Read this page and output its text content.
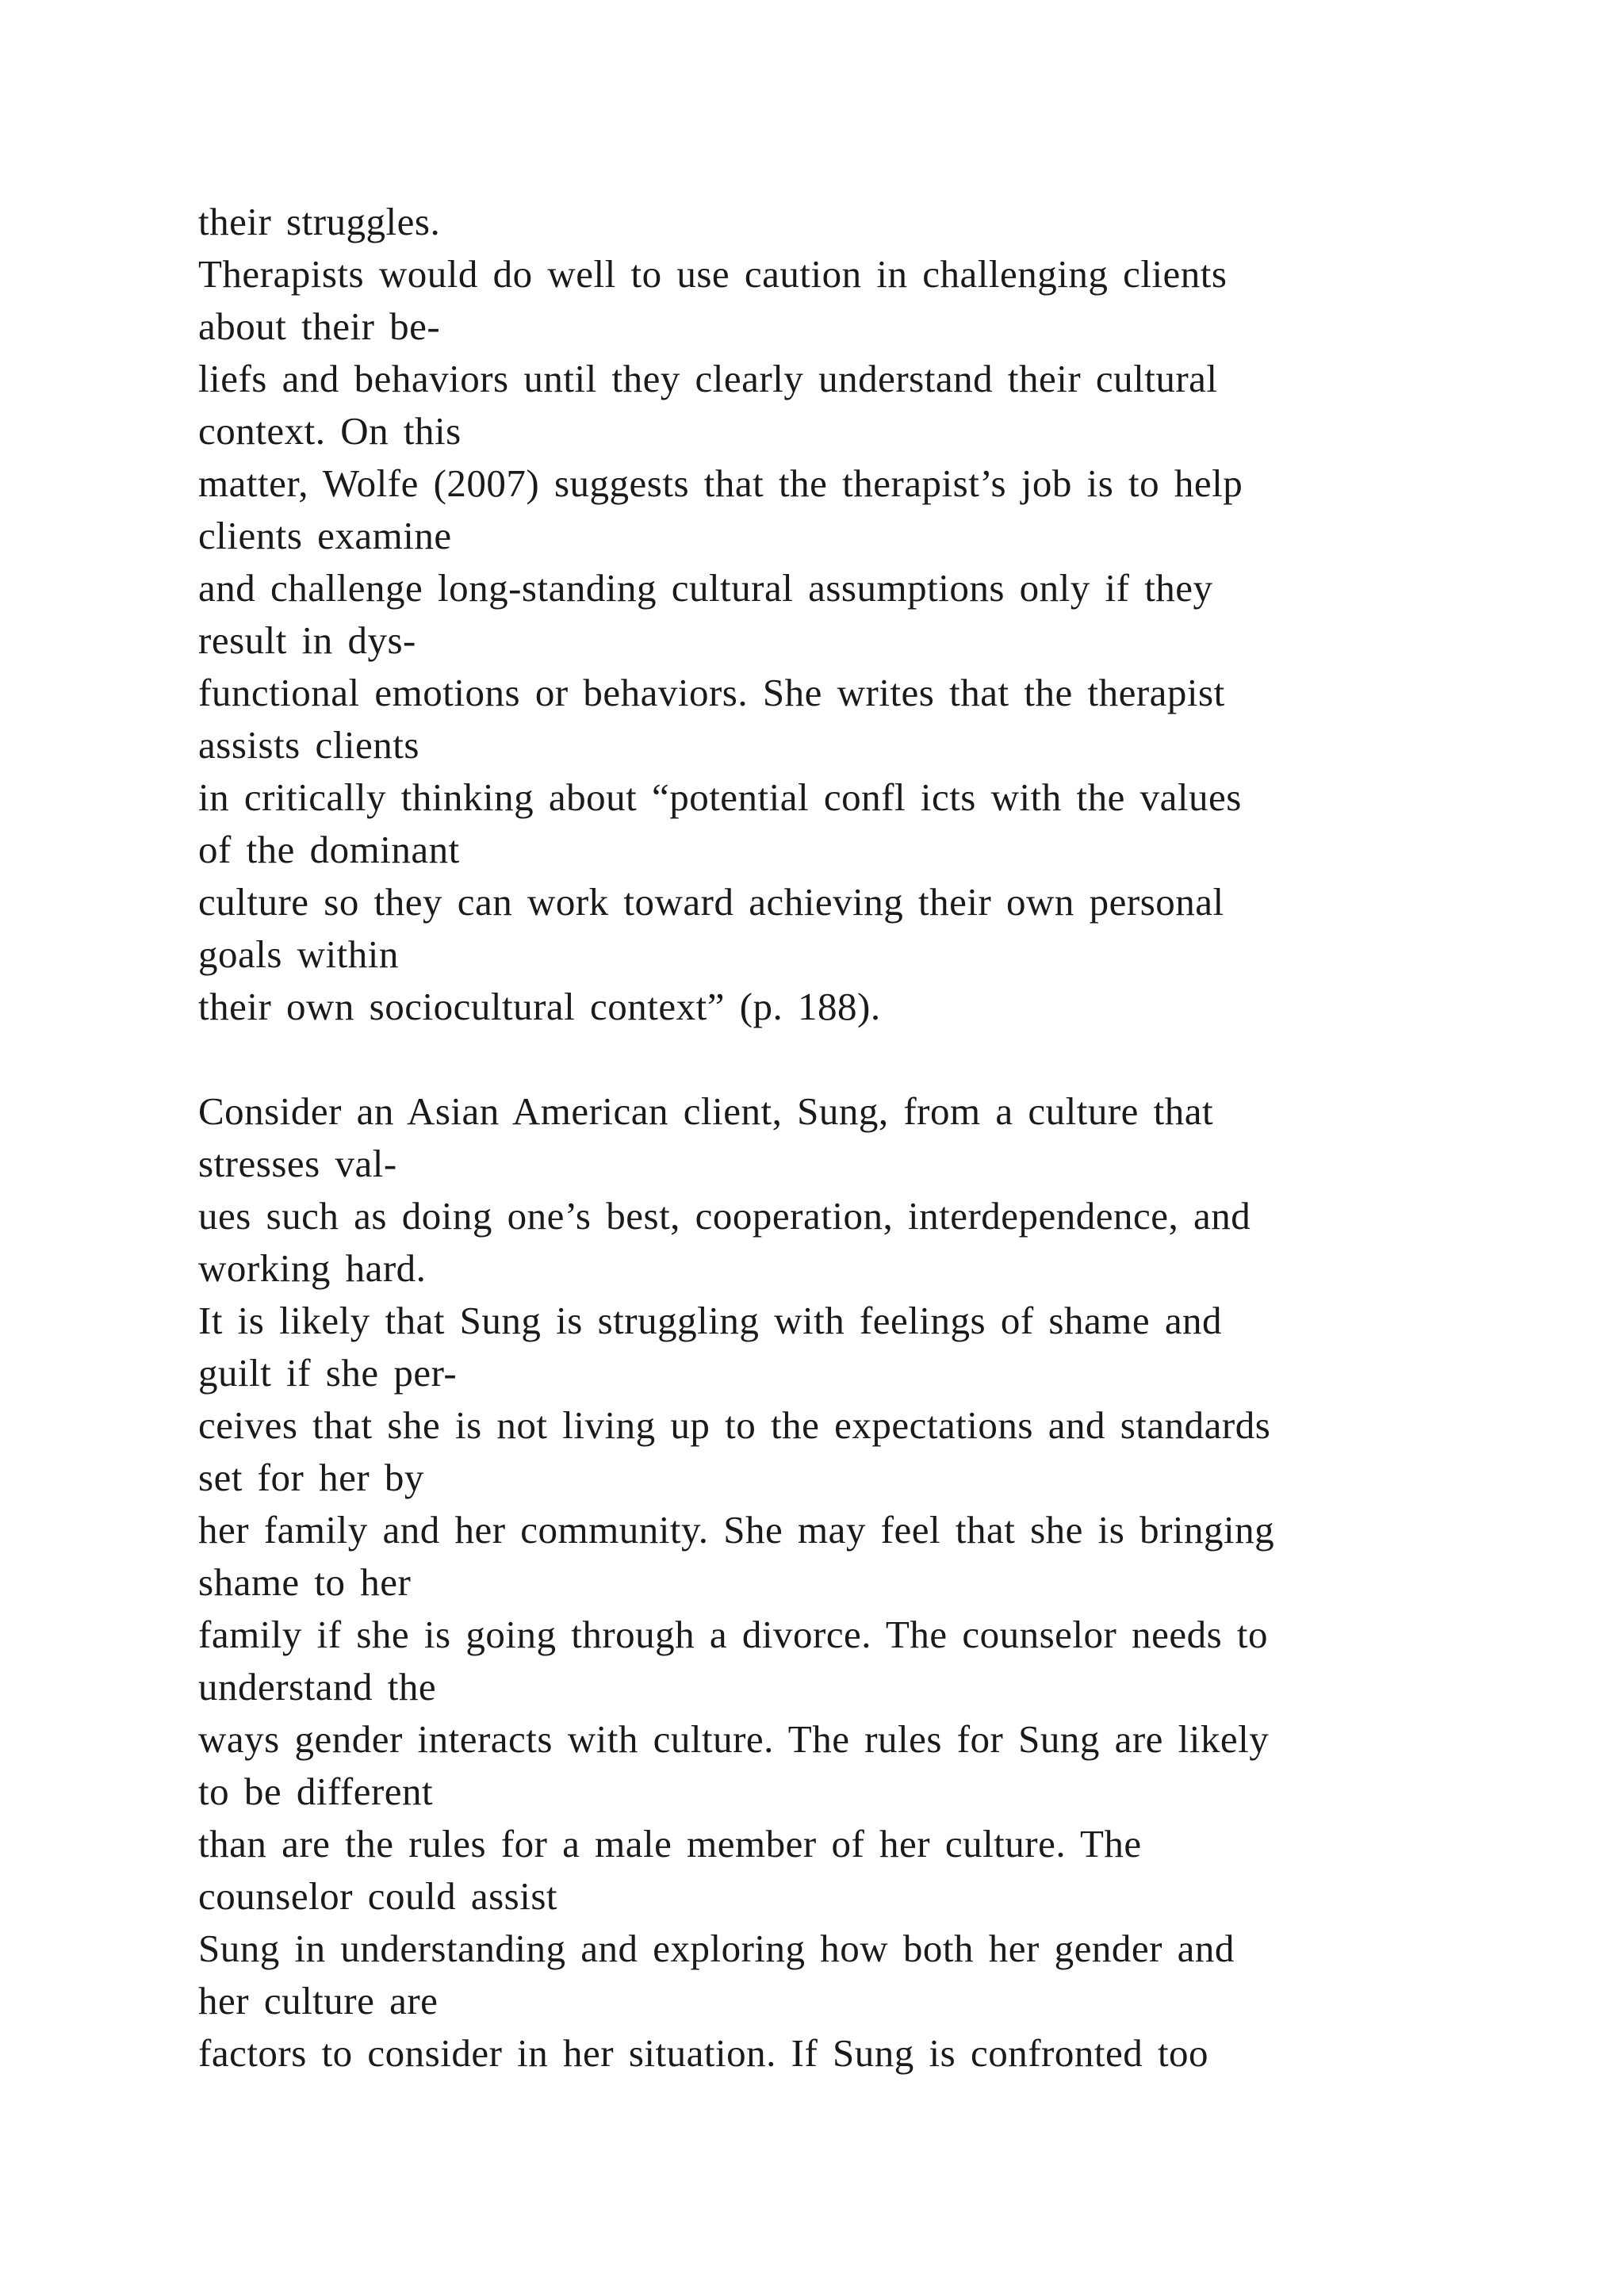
their struggles.
Therapists would do well to use caution in challenging clients
about their be-
liefs and behaviors until they clearly understand their cultural
context. On this
matter, Wolfe (2007) suggests that the therapist’s job is to help
clients examine
and challenge long-standing cultural assumptions only if they
result in dys-
functional emotions or behaviors. She writes that the therapist
assists clients
in critically thinking about “potential confl icts with the values
of the dominant
culture so they can work toward achieving their own personal
goals within
their own sociocultural context” (p. 188).
Consider an Asian American client, Sung, from a culture that
stresses val-
ues such as doing one’s best, cooperation, interdependence, and
working hard.
It is likely that Sung is struggling with feelings of shame and
guilt if she per-
ceives that she is not living up to the expectations and standards
set for her by
her family and her community. She may feel that she is bringing
shame to her
family if she is going through a divorce. The counselor needs to
understand the
ways gender interacts with culture. The rules for Sung are likely
to be different
than are the rules for a male member of her culture. The
counselor could assist
Sung in understanding and exploring how both her gender and
her culture are
factors to consider in her situation. If Sung is confronted too
